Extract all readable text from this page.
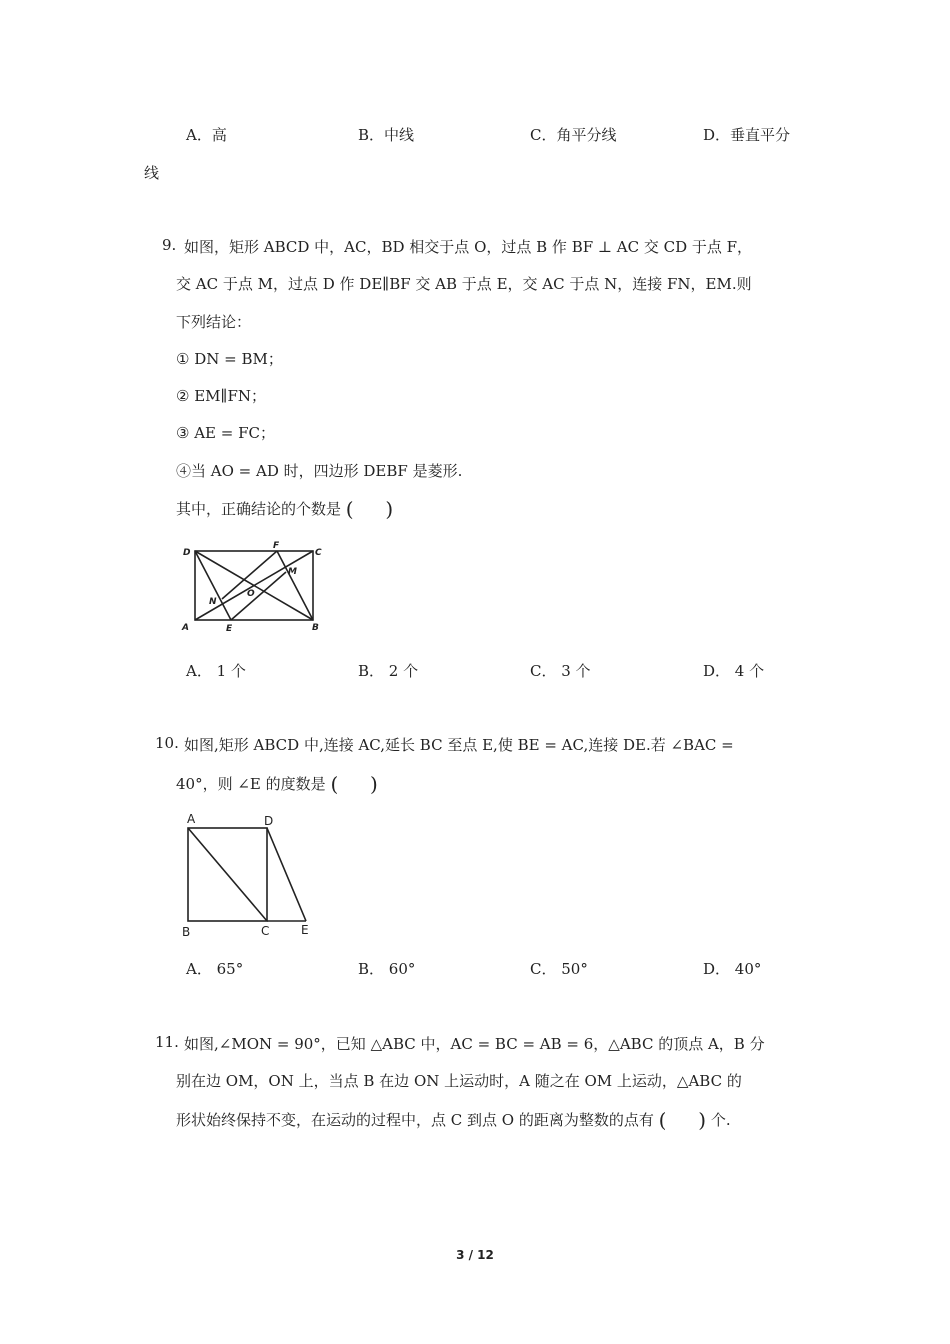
A．高	B．中线	C．角平分线	D．垂直平分
线
9. 如图，矩形 ABCD 中，AC，BD 相交于点 O，过点 B 作 BF ⊥ AC 交 CD 于点 F，
交 AC 于点 M，过点 D 作 DE∥BF 交 AB 于点 E，交 AC 于点 N，连接 FN，EM.则
下列结论：
① DN = BM；
② EM∥FN；
③ AE = FC；
④当 AO = AD 时，四边形 DEBF 是菱形.
其中，正确结论的个数是 (     )
D
F
C
M
O
N
A	E	B
A． 1 个	B． 2 个	C． 3 个	D． 4 个
10. 如图,矩形 ABCD 中,连接 AC,延长 BC 至点 E,使 BE = AC,连接 DE.若 ∠BAC =
40°，则 ∠E 的度数是 (     )
A	D
B	C	E
A． 65°	B． 60°	C． 50°	D． 40°
11. 如图,∠MON = 90°，已知 △ABC 中，AC = BC = AB = 6，△ABC 的顶点 A，B 分
别在边 OM，ON 上，当点 B 在边 ON 上运动时，A 随之在 OM 上运动，△ABC 的
形状始终保持不变，在运动的过程中，点 C 到点 O 的距离为整数的点有 (     ) 个.
3 / 12
